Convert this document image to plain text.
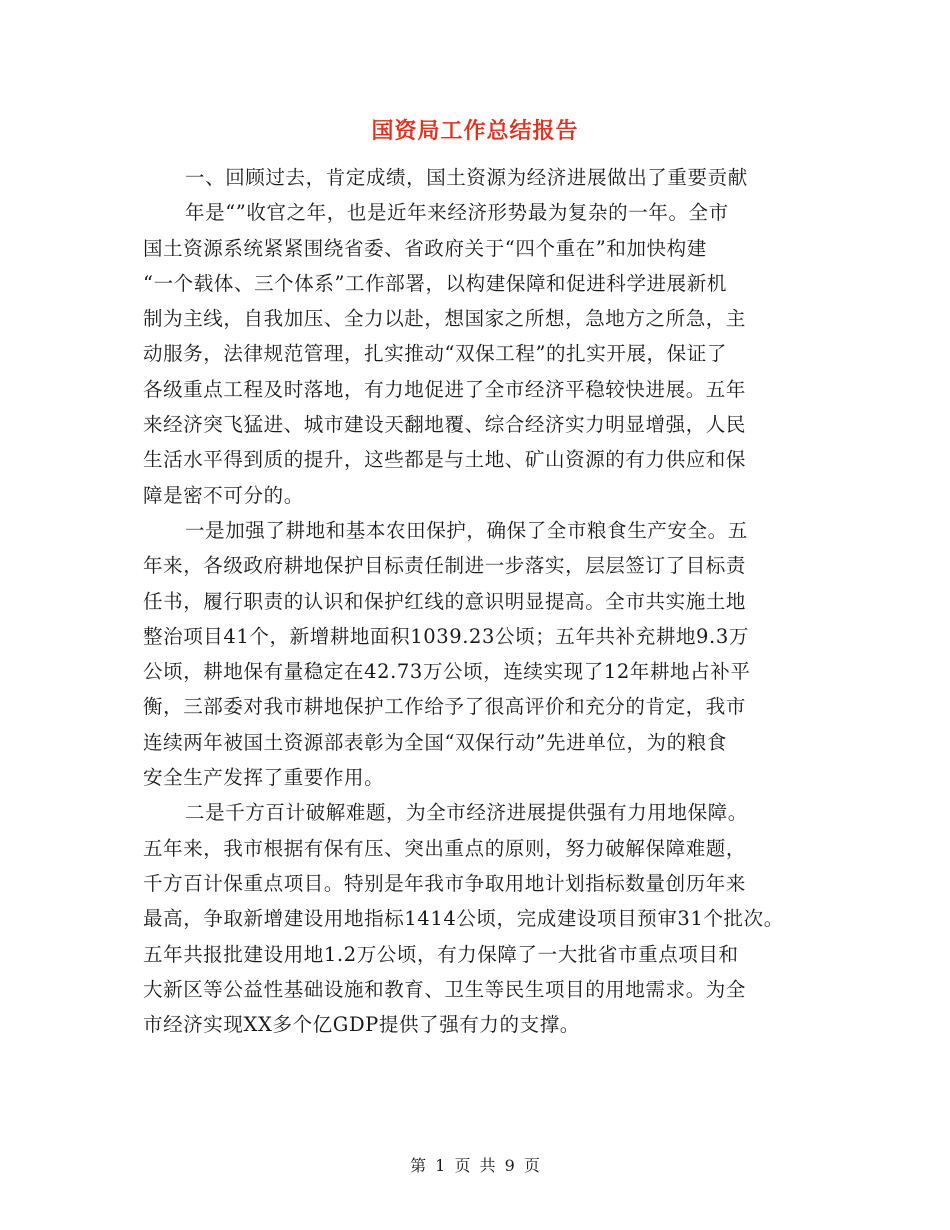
国资局工作总结报告
一、回顾过去，肯定成绩，国土资源为经济进展做出了重要贡献
年是“”收官之年，也是近年来经济形势最为复杂的一年。全市
国土资源系统紧紧围绕省委、省政府关于“四个重在”和加快构建
“一个载体、三个体系”工作部署，以构建保障和促进科学进展新机
制为主线，自我加压、全力以赴，想国家之所想，急地方之所急，主
动服务，法律规范管理，扎实推动“双保工程”的扎实开展，保证了
各级重点工程及时落地，有力地促进了全市经济平稳较快进展。五年
来经济突飞猛进、城市建设天翻地覆、综合经济实力明显增强，人民
生活水平得到质的提升，这些都是与土地、矿山资源的有力供应和保
障是密不可分的。
一是加强了耕地和基本农田保护，确保了全市粮食生产安全。五
年来，各级政府耕地保护目标责任制进一步落实，层层签订了目标责
任书，履行职责的认识和保护红线的意识明显提高。全市共实施土地
整治项目41个，新增耕地面积1039.23公顷；五年共补充耕地9.3万
公顷，耕地保有量稳定在42.73万公顷，连续实现了12年耕地占补平
衡，三部委对我市耕地保护工作给予了很高评价和充分的肯定，我市
连续两年被国土资源部表彰为全国“双保行动”先进单位，为的粮食
安全生产发挥了重要作用。
二是千方百计破解难题，为全市经济进展提供强有力用地保障。
五年来，我市根据有保有压、突出重点的原则，努力破解保障难题，
千方百计保重点项目。特别是年我市争取用地计划指标数量创历年来
最高，争取新增建设用地指标1414公顷，完成建设项目预审31个批次。
五年共报批建设用地1.2万公顷，有力保障了一大批省市重点项目和
大新区等公益性基础设施和教育、卫生等民生项目的用地需求。为全
市经济实现XX多个亿GDP提供了强有力的支撑。
第 1 页 共 9 页
